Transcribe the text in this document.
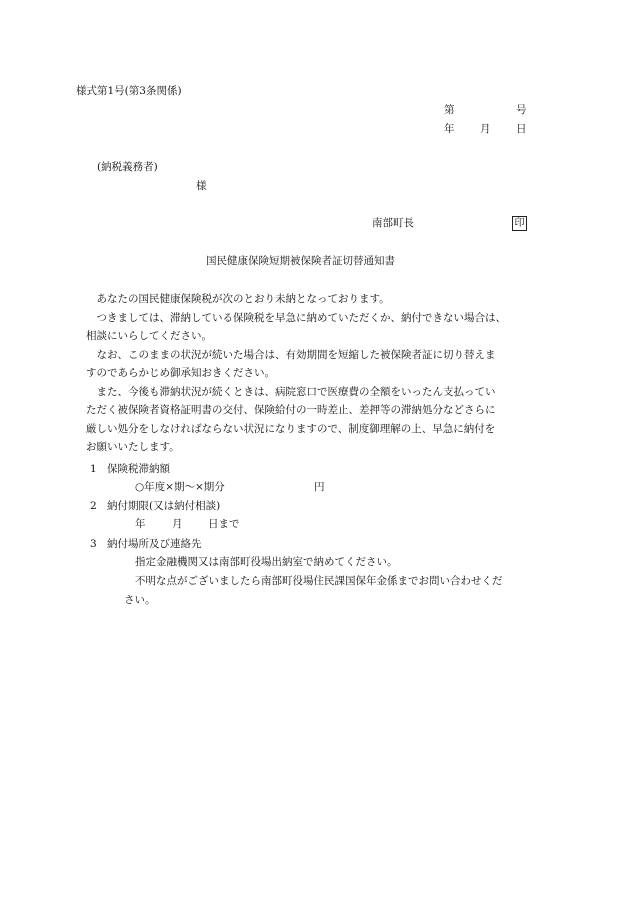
様式第1号(第3条関係)
第	号
年 月 日
(納税義務者)
様
南部町長	印
国民健康保険短期被保険者証切替通知書
あなたの国民健康保険税が次のとおり未納となっております。
つきましては、滞納している保険税を早急に納めていただくか、納付できない場合は、
相談にいらしてください。
なお、このままの状況が続いた場合は、有効期間を短縮した被保険者証に切り替えま
すのであらかじめ御承知おきください。
また、今後も滞納状況が続くときは、病院窓口で医療費の全額をいったん支払ってい
ただく被保険者資格証明書の交付、保険給付の一時差止、差押等の滞納処分などさらに
厳しい処分をしなければならない状況になりますので、制度御理解の上、早急に納付を
お願いいたします。
1 保険税滞納額
○年度×期～×期分	円
2 納付期限(又は納付相談)
年	月 日まで
3 納付場所及び連絡先
指定金融機関又は南部町役場出納室で納めてください。
不明な点がございましたら南部町役場住民課国保年金係までお問い合わせくだ
さい。
